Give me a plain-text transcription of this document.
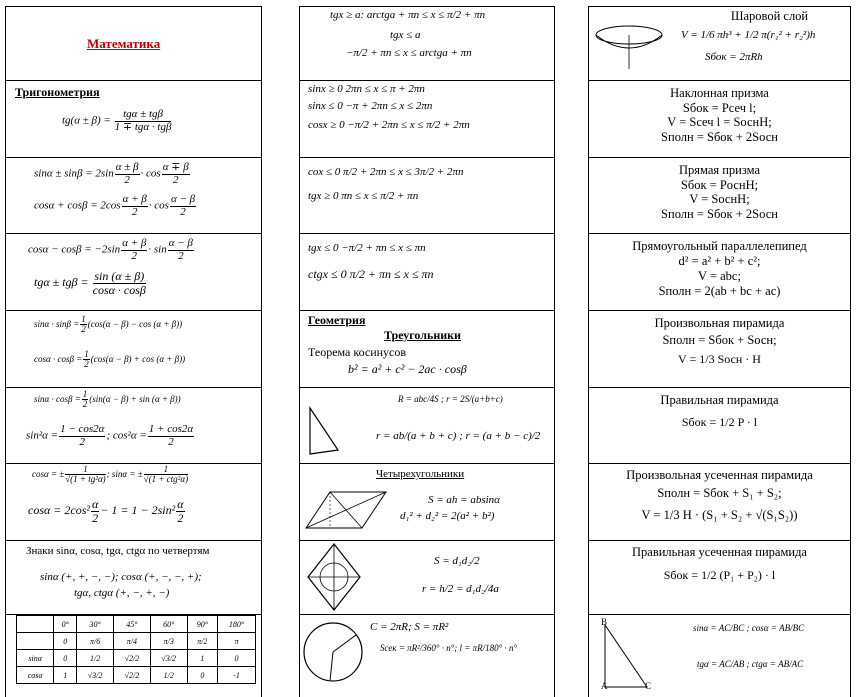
Математика
Тригонометрия
tg(α ± β) =
tgα ± tgβ
1 ∓ tgα · tgβ
$\sin\alpha \pm \sin\beta = 2\sin \frac{\alpha \pm \beta}{2} \cdot \cos \frac{\alpha \mp \beta}{2}$
$\cos\alpha + \cos\beta = 2\cos \frac{\alpha + \beta}{2} \cdot \cos \frac{\alpha - \beta}{2}$
$\cos\alpha - \cos\beta = -2\sin \frac{\alpha + \beta}{2} \cdot \sin \frac{\alpha - \beta}{2}$
$tg\alpha \pm tg\beta = \frac{\sin (\alpha \pm \beta)}{\cos\alpha \cdot \cos\beta}$
$\sin\alpha \cdot \sin\beta = \frac{1}{2} (\cos(\alpha - \beta) - \cos (\alpha + \beta))$
$\cos\alpha \cdot \cos\beta = \frac{1}{2} (\cos(\alpha - \beta) + \cos (\alpha + \beta))$
$\sin\alpha \cdot \cos\beta = \frac{1}{2} (\sin(\alpha - \beta) + \sin (\alpha + \beta))$
$\sin^2\alpha = \frac{1 - \cos 2\alpha}{2}$ ; $\cos^2\alpha = \frac{1 + \cos 2\alpha}{2}$
cosα = ± $\frac{1}{\text{√(1 + tg²α)}}$ ; sinα = ±	1
√(1 + ctg²α)
$\cos\alpha = 2\cos^2 \frac{\alpha}{2} - 1 = 1 - 2\sin^2 \frac{\alpha}{2}$
Знаки sinα, cosα, tgα, ctgα по четвертям
sinα (+, +, −, −); cosα (+, −, −, +);
tgα, ctgα (+, −, +, −)
	0°	30°	45°	60°	90°	180°
	0	π/6	π/4	π/3	π/2	π
sinα	0	1/2	√2/2	√3/2	1	0
cosα	1	√3/2	√2/2	1/2	0	-1
tgx ≥ a: arctga + πn ≤ x ≤ π/2 + πn
tgx ≤ a
−π/2 + πn ≤ x ≤ arctga + πn
sinx ≥ 0 2πn ≤ x ≤ π + 2πn
sinx ≤ 0 −π + 2πn ≤ x ≤ 2πn
cosx ≥ 0 −π/2 + 2πn ≤ x ≤ π/2 + 2πn
cox ≤ 0 π/2 + 2πn ≤ x ≤ 3π/2 + 2πn
tgx ≥ 0 πn ≤ x ≤ π/2 + πn
tgx ≤ 0 −π/2 + πn ≤ x ≤ πn
ctgx ≤ 0 π/2 + πn ≤ x ≤ πn
Геометрия
Треугольники
Теорема косинусов
b² = a² + c² − 2ac · cosβ
R = abc/4S ; r = 2S/(a+b+c)
r = ab/(a + b + c) ; r = (a + b − c)/2
Четырехугольники
S = ah = absinα
d₁² + d₂² = 2(a² + b²)
S = d₁d₂/2
r = h/2 = d₁d₂/4a
C = 2πR; S = πR²
Sсек = πR²/360° · n°; l = πR/180° · n°
Шаровой слой
V = 1/6 πh³ + 1/2 π(r₁² + r₂²)h
Sбок = 2πRh
Наклонная призма
Sбок = Pсеч l;
V = Sсеч l = SоснH;
Sполн = Sбок + 2Sосн
Прямая призма
Sбок = PоснH;
V = SоснH;
Sполн = Sбок + 2Sосн
Прямоугольный параллелепипед
d² = a² + b² + c²;
V = abc;
Sполн = 2(ab + bc + ac)
Произвольная пирамида
Sполн = Sбок + Sосн;
V = 1/3 Sосн · H
Правильная пирамида
Sбок = 1/2 P · l
Произвольная усеченная пирамида
Sполн = Sбок + S₁ + S₂;
V = 1/3 H · (S₁ + S₂ + √(S₁S₂))
Правильная усеченная пирамида
Sбок = 1/2 (P₁ + P₂) · l
B
A	C
sinα = AC/BC ; cosα = AB/BC
tgα = AC/AB ; ctgα = AB/AC
